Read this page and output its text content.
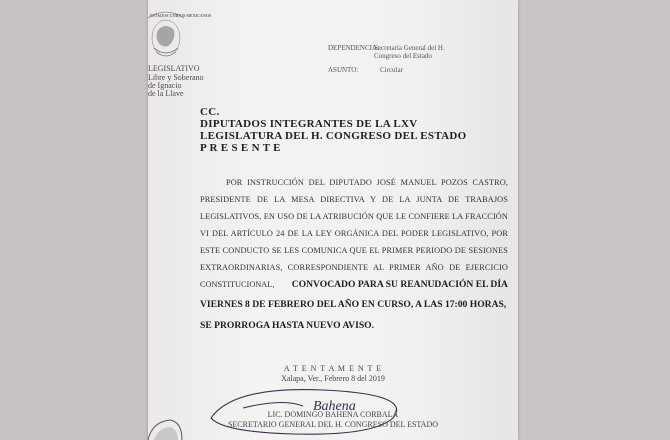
ESTADOS UNIDOS MEXICANOS
LEGISLATIVO
Libre y Soberano
de Ignacio
de la Llave
DEPENDENCIA:
Secretaría General del H.
Congreso del Estado
ASUNTO:	Circular
CC.
DIPUTADOS INTEGRANTES DE LA LXV
LEGISLATURA DEL H. CONGRESO DEL ESTADO
P R E S E N T E
POR INSTRUCCIÓN DEL DIPUTADO JOSÉ MANUEL POZOS CASTRO,
PRESIDENTE DE LA MESA DIRECTIVA Y DE LA JUNTA DE TRABAJOS
LEGISLATIVOS, EN USO DE LA ATRIBUCIÓN QUE LE CONFIERE LA FRACCIÓN
VI DEL ARTÍCULO 24 DE LA LEY ORGÁNICA DEL PODER LEGISLATIVO, POR
ESTE CONDUCTO SE LES COMUNICA QUE EL PRIMER PERIODO DE SESIONES
EXTRAORDINARIAS, CORRESPONDIENTE AL PRIMER AÑO DE EJERCICIO
CONSTITUCIONAL, CONVOCADO PARA SU REANUDACIÓN EL DÍA
VIERNES 8 DE FEBRERO DEL AÑO EN CURSO, A LAS 17:00 HORAS,
SE PRORROGA HASTA NUEVO AVISO.
A T E N T A M E N T E
Xalapa, Ver., Febrero 8 del 2019
Bahena
LIC. DOMINGO BAHENA CORBALÁ
SECRETARIO GENERAL DEL H. CONGRESO DEL ESTADO
